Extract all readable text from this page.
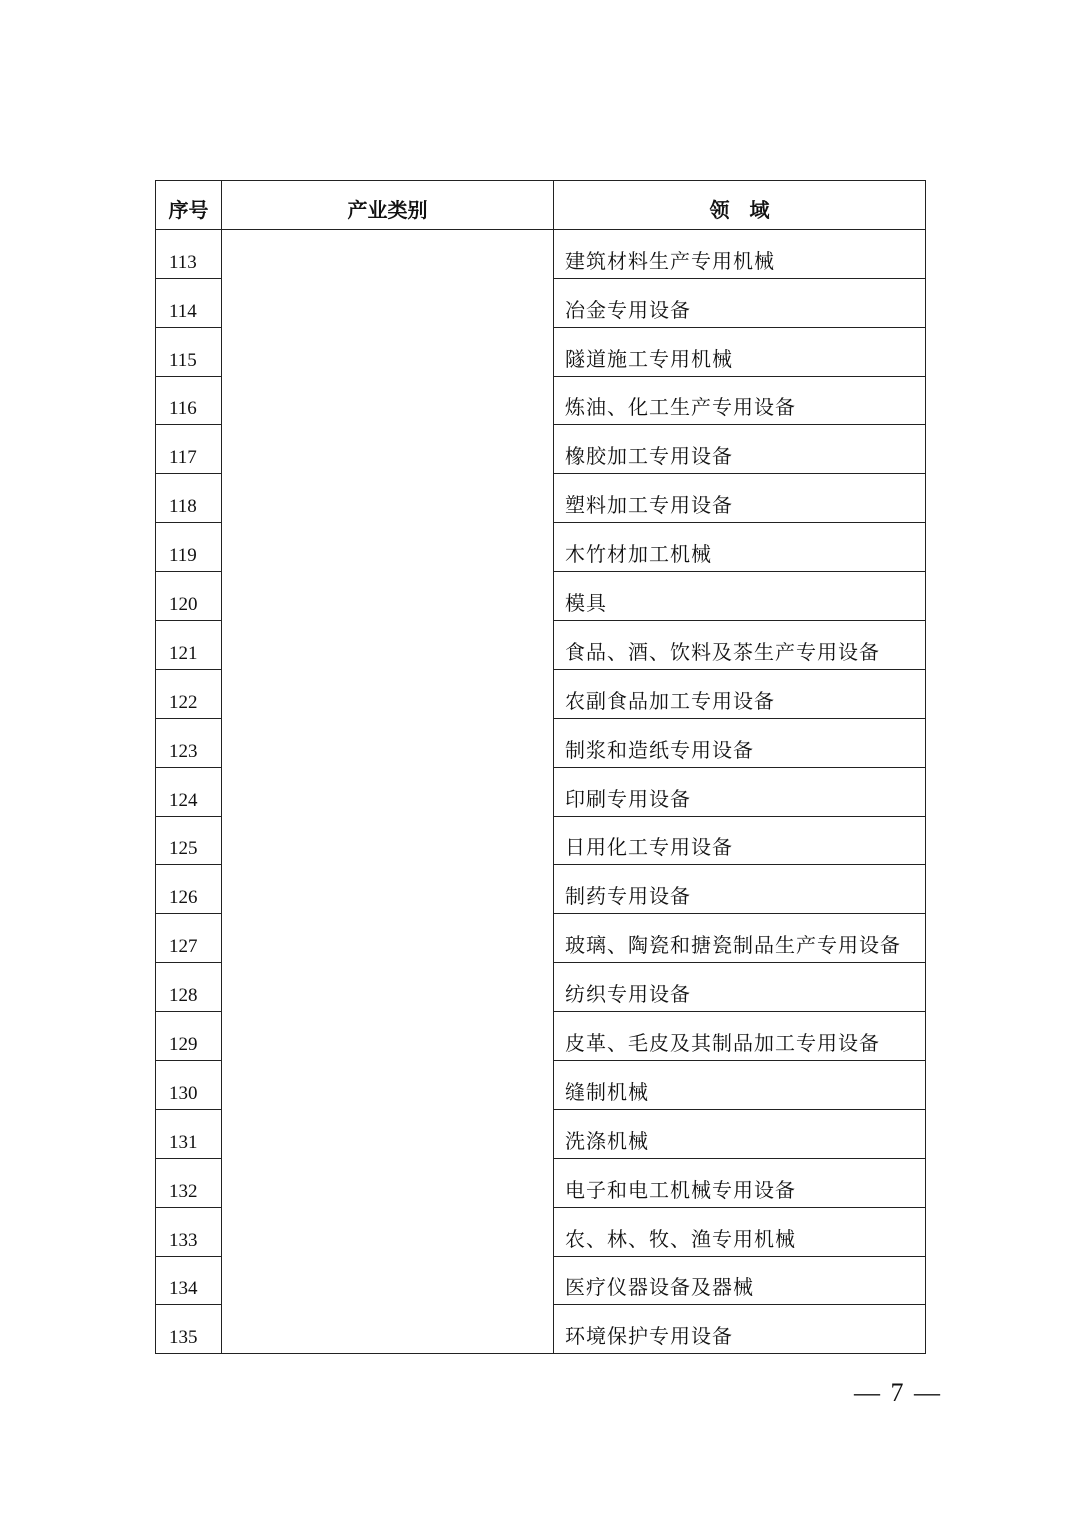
序号	产业类别	领　域
113		建筑材料生产专用机械
114		冶金专用设备
115		隧道施工专用机械
116		炼油、化工生产专用设备
117		橡胶加工专用设备
118		塑料加工专用设备
119		木竹材加工机械
120		模具
121		食品、酒、饮料及茶生产专用设备
122		农副食品加工专用设备
123		制浆和造纸专用设备
124		印刷专用设备
125		日用化工专用设备
126		制药专用设备
127		玻璃、陶瓷和搪瓷制品生产专用设备
128		纺织专用设备
129		皮革、毛皮及其制品加工专用设备
130		缝制机械
131		洗涤机械
132		电子和电工机械专用设备
133		农、林、牧、渔专用机械
134		医疗仪器设备及器械
135		环境保护专用设备
— 7 —
